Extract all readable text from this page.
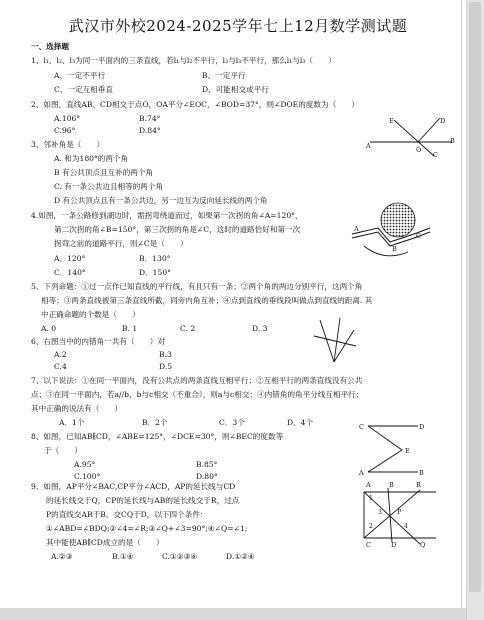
武汉市外校2024-2025学年七上12月数学测试题
一、选择题
1、l₁、l₂、l₃为同一平面内的三条直线，若l₁与l₂不平行，l₂与l₃不平行，那么l₁与l₃（　　）
A、一定不平行	B、一定平行
C、一定互相垂直	D、可能相交或平行
2、如图，直线AB、CD相交于点O，OA平分∠EOC，∠BOD=37°，则∠DOE的度数为（　　）
A.106°	B.74°
C.96°	D.84°
E	D
A	O
B
C
3、邻补角是（　　）
A. 和为180°的两个角
B 有公共顶点且互补的两个角
C. 有一条公共边且相等的两个角
D 有公共顶点且有一条公共边，另一边互为反向延长线的两个角
4.如图，一条公路修到湖边时，需拐弯绕道而过，如果第一次拐的角∠A=120°，
第二次拐的角∠B=150°，第三次拐的角是∠C，这时的道路恰好和第一次
拐弯之前的道路平行，则∠C是（　　）
A．120°	B．130°
C．140°	D．150°
A
B
C
5、下列命题：①过一点作已知直线的平行线，有且只有一条；②两个角的两边分别平行，这两个角
相等；③两条直线被第三条直线所截，同旁内角互补；④点到直线的垂线段叫做点到直线的距离. 其
中正确命题的个数是（　　）
A. 0	B. 1	C. 2	D. 3
6、右图当中的内错角一共有（　　）对
A.2	B.3
C.4	D.5
7、以下说法：①在同一平面内，没有公共点的两条直线互相平行；②互相平行的两条直线没有公共
点；③在同一平面内，若a//b，b与c相交（不重合），则a与c相交；④内错角的角平分线互相平行；
其中正确的说法有（　　）
A．1个	B．2个	C．3个	D．4个
8、如图，已知AB∥CD，∠ABE=125°，∠DCE=30°，则∠BEC的度数等
于（　　）
A.95°	B.85°
C.100°	D.80°
C	D
E
A	B
9、如图，AP平分∠BAC,CP平分∠ACD，AP的延长线与CD
的延长线交于Q，CP的延长线与AB的延长线交于R，过点
P的直线交AR于B，交CQ于D，以下四个条件：
①∠ABD=∠BDQ;②∠4=∠R;③∠Q+∠3=90°;④∠Q=∠1;
其中能使AB∥CD成立的是（　　）
A.②③	B.①④	C.①②③④	D.①②④
A	B	R
P
C	D	Q
1
2
3
4
